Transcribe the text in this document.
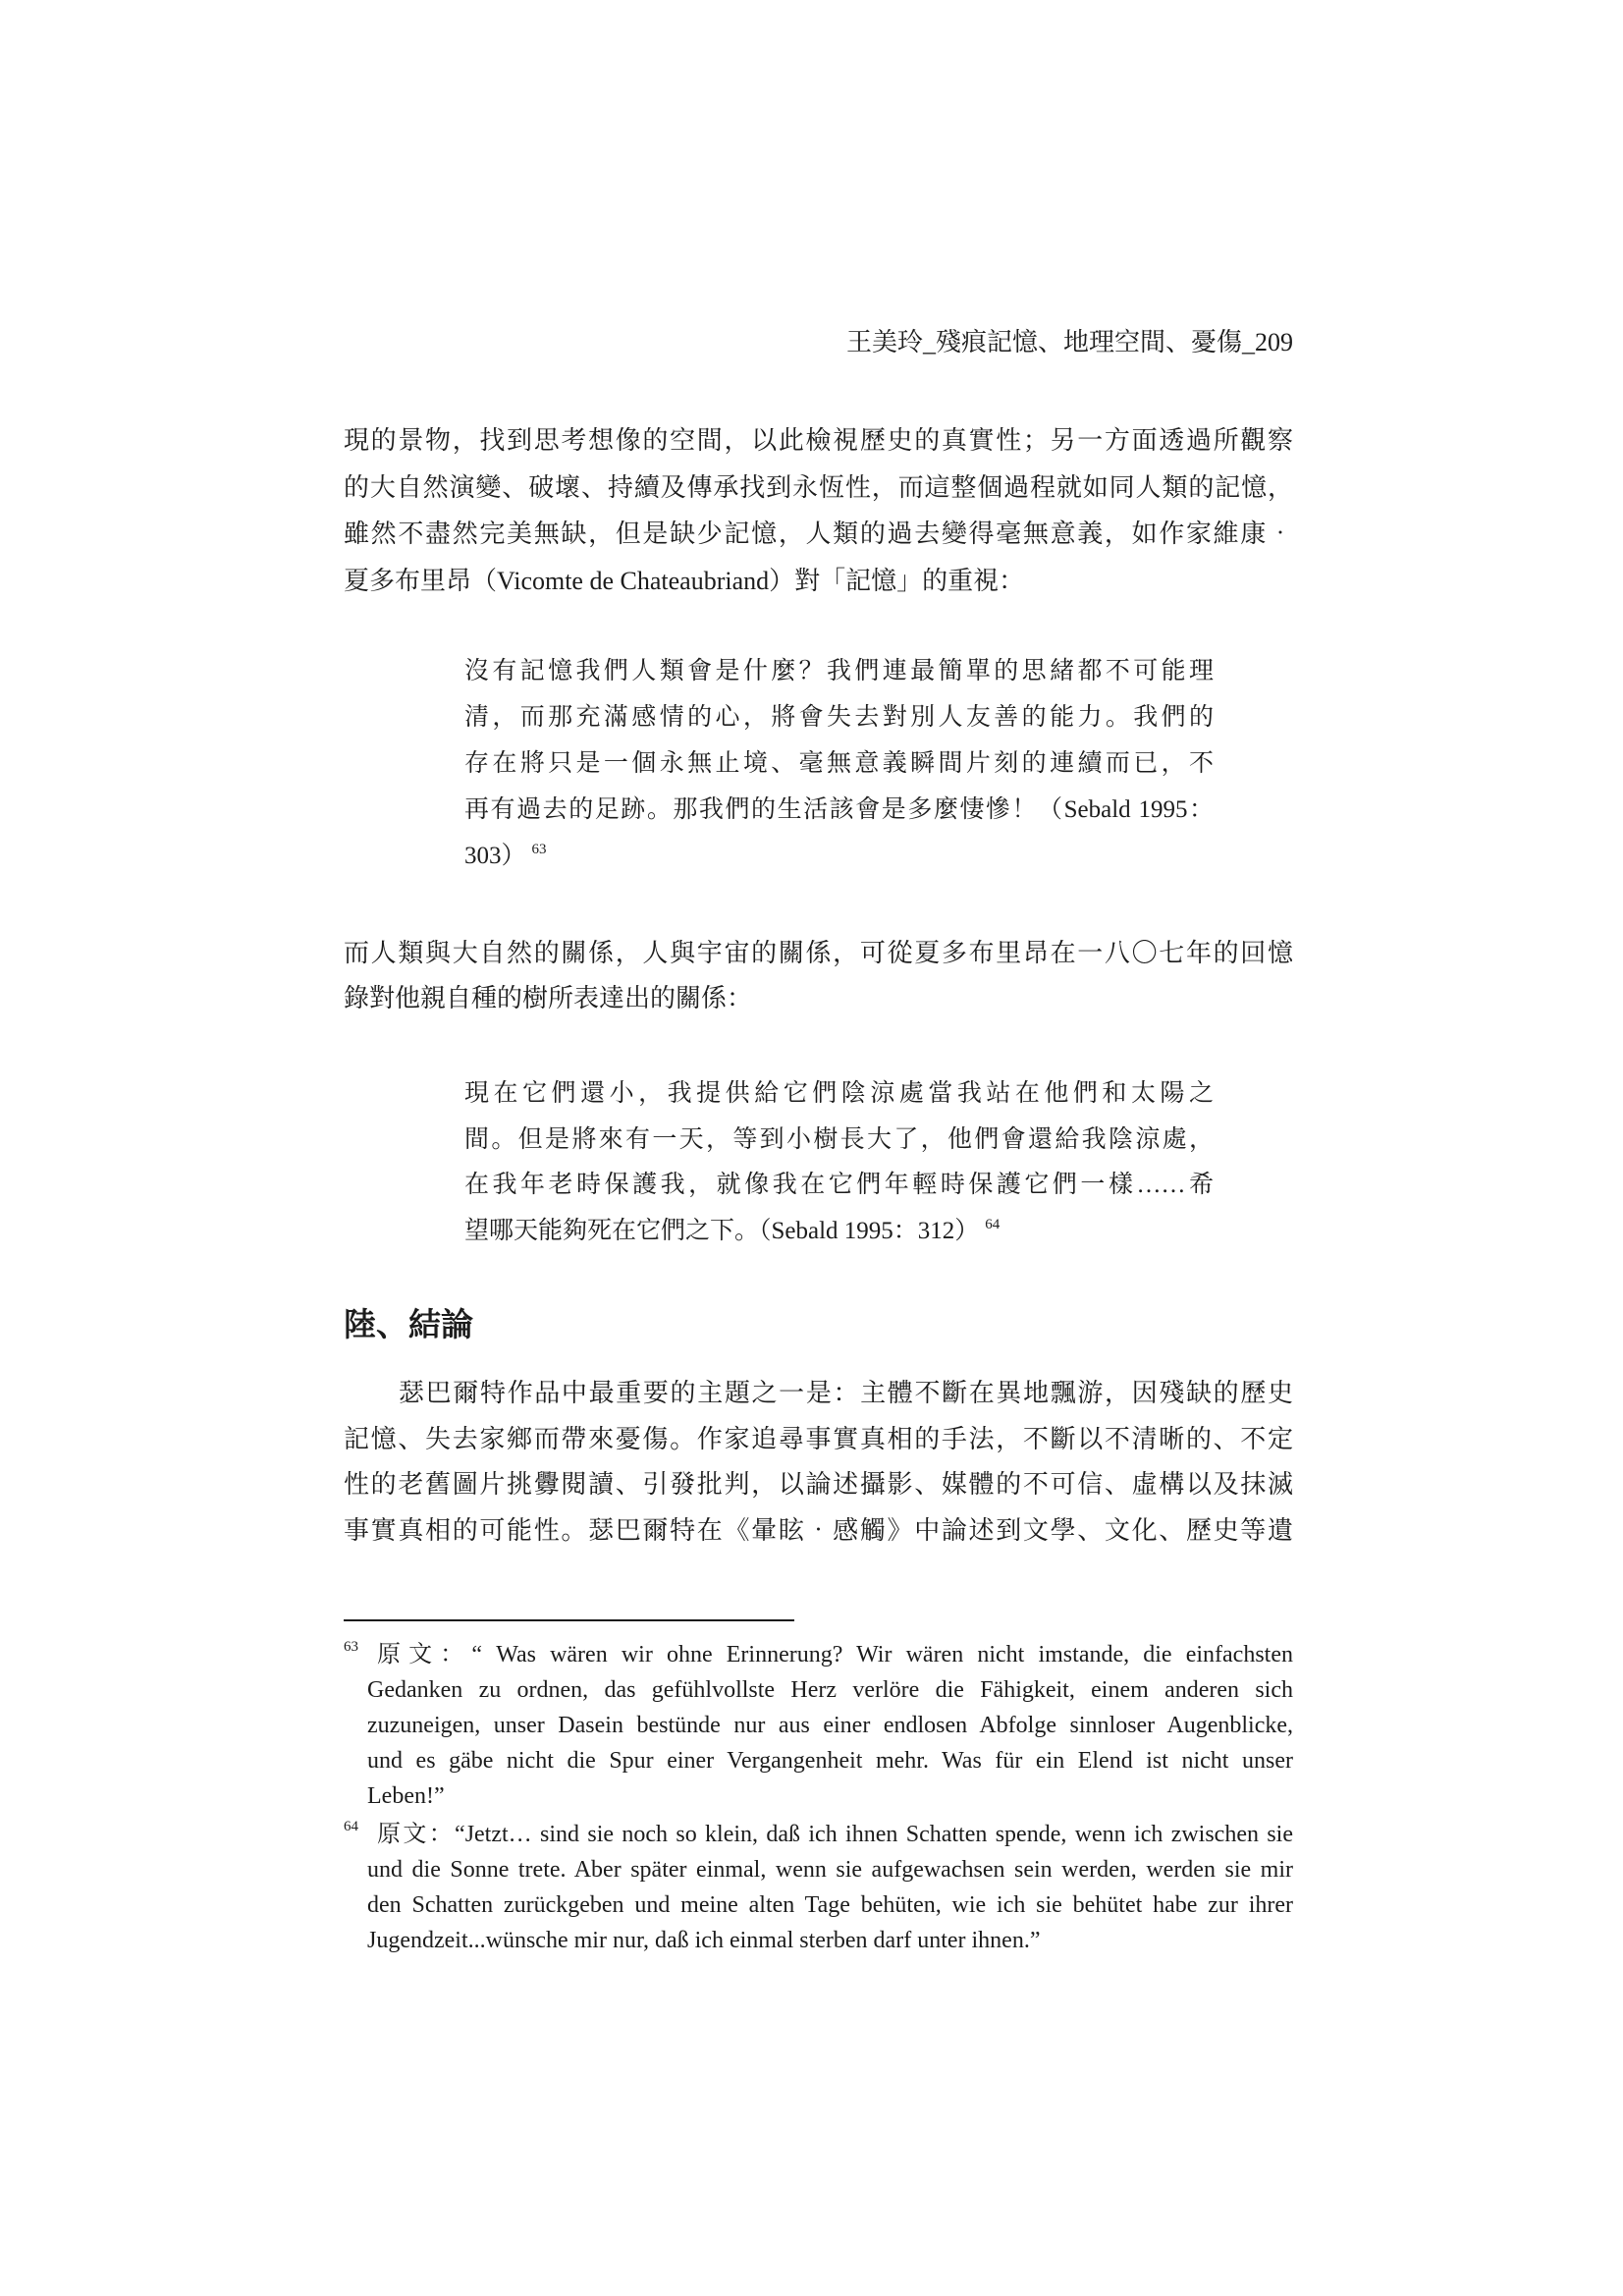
王美玲_殘痕記憶、地理空間、憂傷_209
現的景物，找到思考想像的空間，以此檢視歷史的真實性；另一方面透過所觀察
的大自然演變、破壞、持續及傳承找到永恆性，而這整個過程就如同人類的記憶，
雖然不盡然完美無缺，但是缺少記憶，人類的過去變得毫無意義，如作家維康‧
夏多布里昂（Vicomte de Chateaubriand）對「記憶」的重視：
沒有記憶我們人類會是什麼？我們連最簡單的思緒都不可能理
清，而那充滿感情的心，將會失去對別人友善的能力。我們的
存在將只是一個永無止境、毫無意義瞬間片刻的連續而已，不
再有過去的足跡。那我們的生活該會是多麼悽慘！（Sebald 1995：
303） $^{63}$
而人類與大自然的關係，人與宇宙的關係，可從夏多布里昂在一八〇七年的回憶
錄對他親自種的樹所表達出的關係：
現在它們還小，我提供給它們陰涼處當我站在他們和太陽之
間。但是將來有一天，等到小樹長大了，他們會還給我陰涼處，
在我年老時保護我，就像我在它們年輕時保護它們一樣……希
望哪天能夠死在它們之下。（Sebald 1995：312） $^{64}$
陸、結論
瑟巴爾特作品中最重要的主題之一是：主體不斷在異地飄游，因殘缺的歷史
記憶、失去家鄉而帶來憂傷。作家追尋事實真相的手法，不斷以不清晰的、不定
性的老舊圖片挑釁閱讀、引發批判，以論述攝影、媒體的不可信、虛構以及抹滅
事實真相的可能性。瑟巴爾特在《暈眩‧感觸》中論述到文學、文化、歷史等遺
63 原文：“ Was wären wir ohne Erinnerung? Wir wären nicht imstande, die einfachsten
Gedanken zu ordnen, das gefühlvollste Herz verlöre die Fähigkeit, einem anderen sich
zuzuneigen, unser Dasein bestünde nur aus einer endlosen Abfolge sinnloser Augenblicke,
und es gäbe nicht die Spur einer Vergangenheit mehr. Was für ein Elend ist nicht unser
Leben!”
64 原文：“Jetzt… sind sie noch so klein, daß ich ihnen Schatten spende, wenn ich zwischen sie
und die Sonne trete. Aber später einmal, wenn sie aufgewachsen sein werden, werden sie mir
den Schatten zurückgeben und meine alten Tage behüten, wie ich sie behütet habe zur ihrer
Jugendzeit...wünsche mir nur, daß ich einmal sterben darf unter ihnen.”
